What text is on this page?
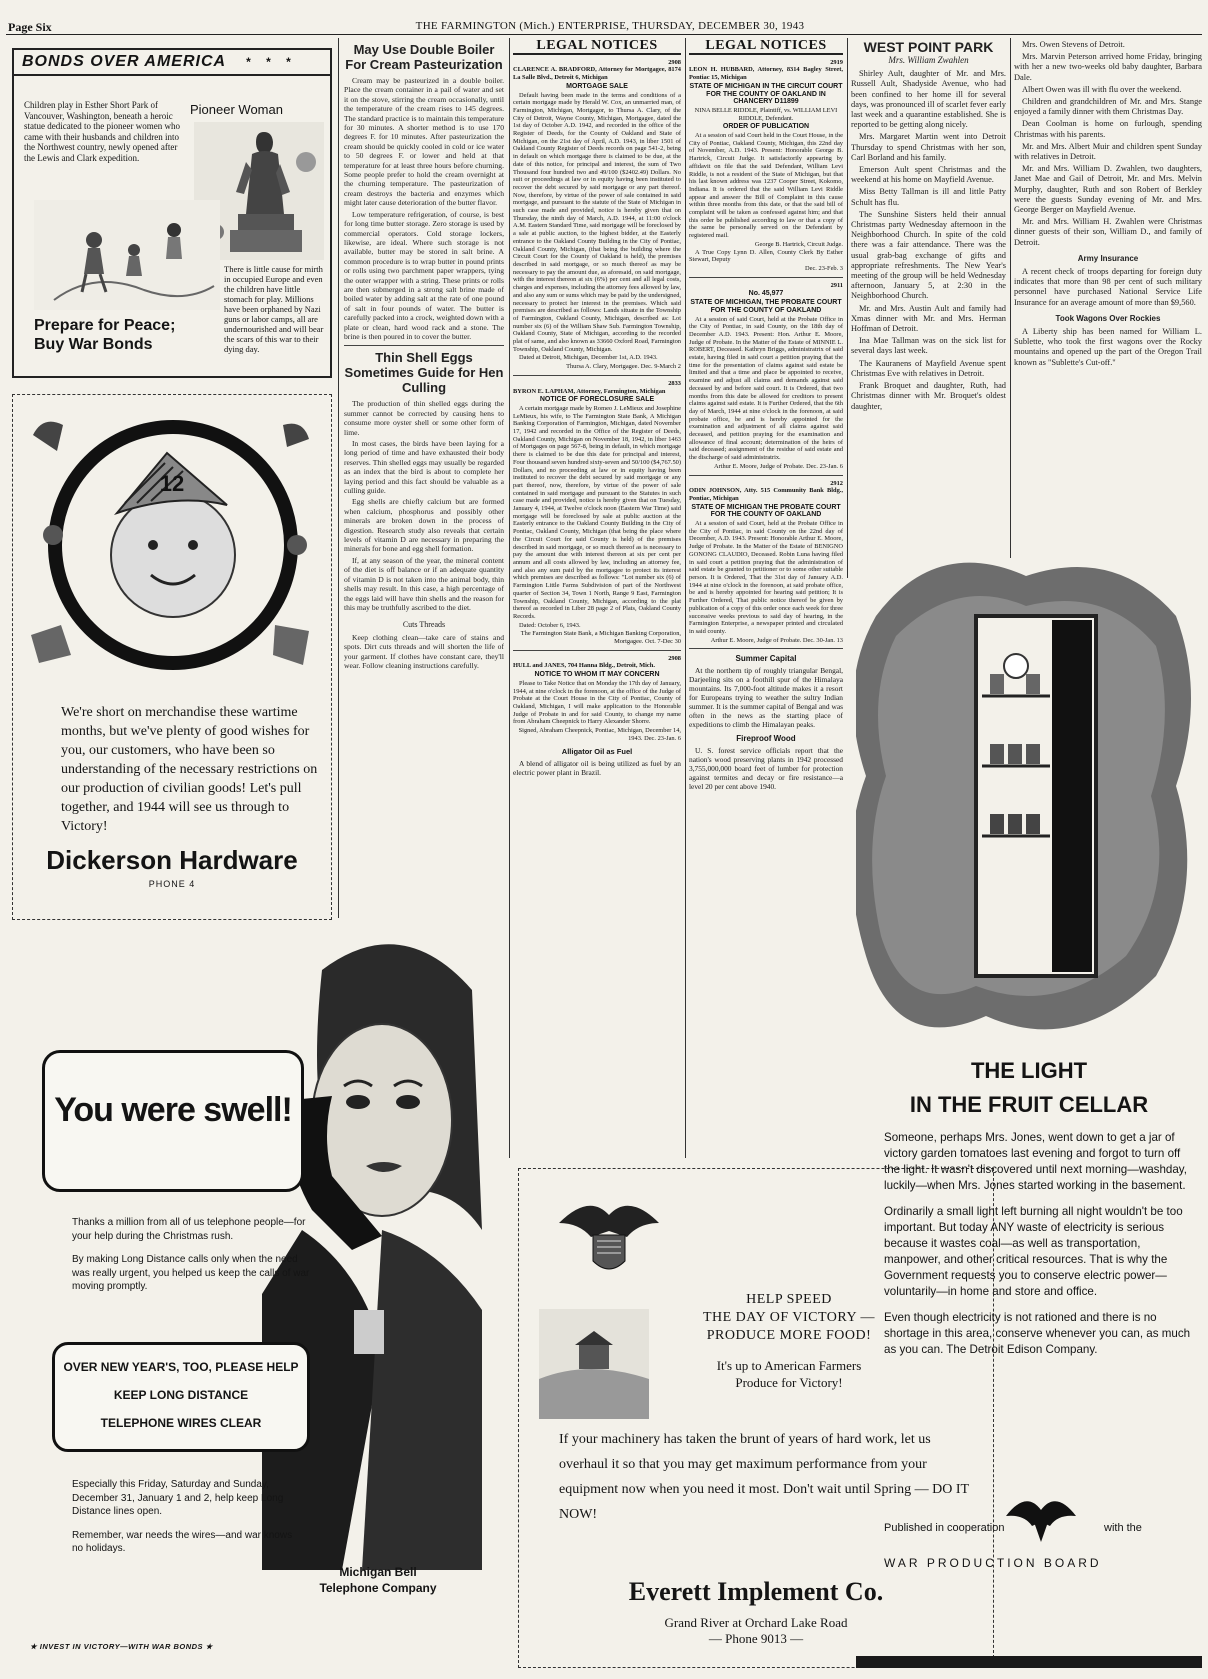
Page Six	THE FARMINGTON (Mich.) ENTERPRISE, THURSDAY, DECEMBER 30, 1943
BONDS OVER AMERICA * * *
Children play in Esther Short Park of Vancouver, Washington, beneath a heroic statue dedicated to the pioneer women who came with their husbands and children into the Northwest country, newly opened after the Lewis and Clark expedition.
Pioneer Woman
There is little cause for mirth in occupied Europe and even the children have little stomach for play. Millions have been orphaned by Nazi guns or labor camps, all are undernourished and will bear the scars of this war to their dying day.
Prepare for Peace;
Buy War Bonds
12
We're short on merchandise these wartime months, but we've plenty of good wishes for you, our customers, who have been so understanding of the necessary restrictions on our production of civilian goods! Let's pull together, and 1944 will see us through to Victory!
Dickerson Hardware
PHONE 4
May Use Double Boiler For Cream Pasteurization

Cream may be pasteurized in a double boiler. Place the cream container in a pail of water and set it on the stove, stirring the cream occasionally, until the temperature of the cream rises to 145 degrees. The standard practice is to maintain this temperature for 30 minutes. A shorter method is to use 170 degrees F. for 10 minutes. After pasteurization the cream should be quickly cooled in cold or ice water to 50 degrees F. or lower and held at that temperature for at least three hours before churning. Some people prefer to hold the cream overnight at the churning temperature. The pasteurization of cream destroys the bacteria and enzymes which might later cause deterioration of the butter flavor.

Low temperature refrigeration, of course, is best for long time butter storage. Zero storage is used by commercial operators. Cold storage lockers, likewise, are ideal. Where such storage is not available, butter may be stored in salt brine. A common procedure is to wrap butter in pound prints or rolls using two parchment paper wrappers, tying the outer wrapper with a string. These prints or rolls are then submerged in a strong salt brine made of boiled water by adding salt at the rate of one pound of salt in four pounds of water. The butter is carefully packed into a crock, weighted down with a plate or clean, hard wood rack and a stone. The brine is then poured in to cover the butter.

Thin Shell Eggs Sometimes Guide for Hen Culling

The production of thin shelled eggs during the summer cannot be corrected by causing hens to consume more oyster shell or some other form of lime.

In most cases, the birds have been laying for a long period of time and have exhausted their body reserves. Thin shelled eggs may usually be regarded as an index that the bird is about to complete her laying period and this fact should be valuable as a culling guide.

Egg shells are chiefly calcium but are formed when calcium, phosphorus and possibly other minerals are broken down in the process of digestion. Research study also reveals that certain levels of vitamin D are necessary in preparing the minerals for bone and egg shell formation.

If, at any season of the year, the mineral content of the diet is off balance or if an adequate quantity of vitamin D is not taken into the animal body, thin shells may result. In this case, a high percentage of the eggs laid will have thin shells and the reason for this may be truthfully ascribed to the diet.

Cuts Threads

Keep clothing clean—take care of stains and spots. Dirt cuts threads and will shorten the life of your garment. If clothes have constant care, they'll wear. Follow cleaning instructions carefully.

LEGAL NOTICES
2908

CLARENCE A. BRADFORD, Attorney for Mortgagee, 8174 La Salle Blvd., Detroit 6, Michigan

MORTGAGE SALE

Default having been made in the terms and conditions of a certain mortgage made by Herald W. Cox, an unmarried man, of Farmington, Michigan, Mortgagor, to Thursa A. Clary, of the City of Detroit, Wayne County, Michigan, Mortgagee, dated the 1st day of October A.D. 1942, and recorded in the office of the Register of Deeds, for the County of Oakland and State of Michigan, on the 21st day of April, A.D. 1943, in liber 1501 of Oakland County Register of Deeds records on page 541-2, being in default on which mortgage there is claimed to be due, at the date of this notice, for principal and interest, the sum of Two Thousand four hundred two and 49/100 ($2402.49) Dollars. No suit or proceedings at law or in equity having been instituted to recover the debt secured by said mortgage or any part thereof. Now, therefore, by virtue of the power of sale contained in said mortgage, and pursuant to the statute of the State of Michigan in such case made and provided, notice is hereby given that on Thursday, the ninth day of March, A.D. 1944, at 11:00 o'clock A.M. Eastern Standard Time, said mortgage will be foreclosed by a sale at public auction, to the highest bidder, at the Easterly entrance to the Oakland County Building in the City of Pontiac, Oakland County, Michigan, (that being the building where the Circuit Court for the County of Oakland is held), the premises described in said mortgage, or so much thereof as may be necessary to pay the amount due, as aforesaid, on said mortgage, with the interest thereon at six (6%) per cent and all legal costs, charges and expenses, including the attorney fees allowed by law, and also any sum or sums which may be paid by the undersigned, necessary to protect her interest in the premises. Which said premises are described as follows: Lands situate in the Township of Farmington, Oakland County, Michigan, described as: Lot number six (6) of the William Shaw Sub. Farmington Township, Oakland County, State of Michigan, according to the recorded plat of same, and also known as 33660 Oxford Road, Farmington Township, Oakland County, Michigan.

Dated at Detroit, Michigan, December 1st, A.D. 1943.

Thursa A. Clary, Mortgagee. Dec. 9-March 2
2833

BYRON E. LAPHAM, Attorney, Farmington, Michigan

NOTICE OF FORECLOSURE SALE

A certain mortgage made by Romeo J. LeMieux and Josephine LeMieux, his wife, to The Farmington State Bank, A Michigan Banking Corporation of Farmington, Michigan, dated November 17, 1942 and recorded in the Office of the Register of Deeds, Oakland County, Michigan on November 18, 1942, in liber 1463 of Mortgages on page 567-8, being in default, in which mortgage there is claimed to be due this date for principal and interest, Four thousand seven hundred sixty-seven and 50/100 ($4,767.50) Dollars, and no proceeding at law or in equity having been instituted to recover the debt secured by said mortgage or any part thereof, now, therefore, by virtue of the power of sale contained in said mortgage and pursuant to the Statutes in such case made and provided, notice is hereby given that on Tuesday, January 4, 1944, at Twelve o'clock noon (Eastern War Time) said mortgage will be foreclosed by sale at public auction at the Easterly entrance to the Oakland County Building in the City of Pontiac, Oakland County, Michigan (that being the place where the Circuit Court for said County is held) of the premises described in said mortgage, or so much thereof as is necessary to pay the amount due with interest thereon at six per cent per annum and all costs allowed by law, including an attorney fee, and also any sum paid by the mortgagee to protect its interest which premises are described as follows: "Lot number six (6) of Farmington Little Farms Subdivision of part of the Northwest quarter of Section 34, Town 1 North, Range 9 East, Farmington Township, Oakland County, Michigan, according to the plat thereof as recorded in Liber 28 page 2 of Plats, Oakland County Records.

Dated: October 6, 1943.

The Farmington State Bank, a Michigan Banking Corporation, Mortgagee. Oct. 7-Dec 30
2908

HULL and JANES, 704 Hanna Bldg., Detroit, Mich.

NOTICE TO WHOM IT MAY CONCERN

Please to Take Notice that on Monday the 17th day of January, 1944, at nine o'clock in the forenoon, at the office of the Judge of Probate at the Court House in the City of Pontiac, County of Oakland, Michigan, I will make application to the Honorable Judge of Probate in and for said County, to change my name from Abraham Cheepnick to Harry Alexander Shorre.

Signed, Abraham Cheepnick, Pontiac, Michigan, December 14, 1943. Dec. 23-Jan. 6
Alligator Oil as Fuel

A blend of alligator oil is being utilized as fuel by an electric power plant in Brazil.

LEGAL NOTICES
2919

LEON H. HUBBARD, Attorney, 8314 Bagley Street, Pontiac 15, Michigan

STATE OF MICHIGAN IN THE CIRCUIT COURT FOR THE COUNTY OF OAKLAND IN CHANCERY D11899

NINA BELLE RIDDLE, Plaintiff, vs. WILLIAM LEVI RIDDLE, Defendant.

ORDER OF PUBLICATION

At a session of said Court held in the Court House, in the City of Pontiac, Oakland County, Michigan, this 22nd day of November, A.D. 1943. Present: Honorable George B. Hartrick, Circuit Judge. It satisfactorily appearing by affidavit on file that the said Defendant, William Levi Riddle, is not a resident of the State of Michigan, but that his last known address was 1237 Cooper Street, Kokomo, Indiana. It is ordered that the said William Levi Riddle appear and answer the Bill of Complaint in this cause within three months from this date, or that the said bill of complaint will be taken as confessed against him; and that this order be published according to law or that a copy of the same be personally served on the Defendant by registered mail.

George B. Hartrick, Circuit Judge.

A True Copy Lynn D. Allen, County Clerk By Esther Stewart, Deputy

Dec. 23-Feb. 3
2911
No. 45,977
STATE OF MICHIGAN, THE PROBATE COURT FOR THE COUNTY OF OAKLAND

At a session of said Court, held at the Probate Office in the City of Pontiac, in said County, on the 18th day of December A.D. 1943. Present: Hon. Arthur E. Moore, Judge of Probate. In the Matter of the Estate of MINNIE L. ROBERT, Deceased. Kathryn Briggs, administratrix of said estate, having filed in said court a petition praying that the time for the presentation of claims against said estate be limited and that a time and place be appointed to receive, examine and adjust all claims and demands against said deceased by and before said court. It is Ordered, that two months from this date be allowed for creditors to present claims against said estate. It is Further Ordered, that the 6th day of March, 1944 at nine o'clock in the forenoon, at said probate office, be and is hereby appointed for the examination and adjustment of all claims against said deceased, and petition praying for the examination and allowance of final account; determination of the heirs of said deceased; assignment of the residue of said estate and the discharge of said administratrix.

Arthur E. Moore, Judge of Probate. Dec. 23-Jan. 6
2912

ODIN JOHNSON, Atty. 515 Community Bank Bldg., Pontiac, Michigan

STATE OF MICHIGAN THE PROBATE COURT FOR THE COUNTY OF OAKLAND

At a session of said Court, held at the Probate Office in the City of Pontiac, in said County on the 22nd day of December, A.D. 1943. Present: Honorable Arthur E. Moore, Judge of Probate. In the Matter of the Estate of BENIGNO GONONG CLAUDIO, Deceased. Robin Luna having filed in said court a petition praying that the administration of said estate be granted to petitioner or to some other suitable person. It is Ordered, That the 31st day of January A.D. 1944 at nine o'clock in the forenoon, at said probate office, be and is hereby appointed for hearing said petition; It is Further Ordered, That public notice thereof be given by publication of a copy of this order once each week for three successive weeks previous to said day of hearing, in the Farmington Enterprise, a newspaper printed and circulated in said county.

Arthur E. Moore, Judge of Probate. Dec. 30-Jan. 13
Summer Capital

At the northern tip of roughly triangular Bengal, Darjeeling sits on a foothill spur of the Himalaya mountains. Its 7,000-foot altitude makes it a resort for Europeans trying to weather the sultry Indian summer. It is the summer capital of Bengal and was often in the news as the starting place of expeditions to climb the Himalayan peaks.

Fireproof Wood

U. S. forest service officials report that the nation's wood preserving plants in 1942 processed 3,755,000,000 board feet of lumber for protection against termites and decay or fire resistance—a level 20 per cent above 1940.

WEST POINT PARK
Mrs. William Zwahlen

Shirley Ault, daughter of Mr. and Mrs. Russell Ault, Shadyside Avenue, who had been confined to her home ill for several days, was pronounced ill of scarlet fever early last week and a quarantine established. She is reported to be getting along nicely.

Mrs. Margaret Martin went into Detroit Thursday to spend Christmas with her son, Carl Borland and his family.

Emerson Ault spent Christmas and the weekend at his home on Mayfield Avenue.

Miss Betty Tallman is ill and little Patty Schult has flu.

The Sunshine Sisters held their annual Christmas party Wednesday afternoon in the Neighborhood Church. In spite of the cold there was a fair attendance. There was the usual grab-bag exchange of gifts and appropriate refreshments. The New Year's meeting of the group will be held Wednesday afternoon, January 5, at 2:30 in the Neighborhood Church.

Mr. and Mrs. Austin Ault and family had Xmas dinner with Mr. and Mrs. Herman Hoffman of Detroit.

Ina Mae Tallman was on the sick list for several days last week.

The Kauranens of Mayfield Avenue spent Christmas Eve with relatives in Detroit.

Frank Broquet and daughter, Ruth, had Christmas dinner with Mr. Broquet's oldest daughter,

Mrs. Owen Stevens of Detroit.

Mrs. Marvin Peterson arrived home Friday, bringing with her a new two-weeks old baby daughter, Barbara Dale.

Albert Owen was ill with flu over the weekend.

Children and grandchildren of Mr. and Mrs. Stange enjoyed a family dinner with them Christmas Day.

Dean Coolman is home on furlough, spending Christmas with his parents.

Mr. and Mrs. Albert Muir and children spent Sunday with relatives in Detroit.

Mr. and Mrs. William D. Zwahlen, two daughters, Janet Mae and Gail of Detroit, Mr. and Mrs. Melvin Murphy, daughter, Ruth and son Robert of Berkley were the guests Sunday evening of Mr. and Mrs. George Berger on Mayfield Avenue.

Mr. and Mrs. William H. Zwahlen were Christmas dinner guests of their son, William D., and family of Detroit.

Army Insurance

A recent check of troops departing for foreign duty indicates that more than 98 per cent of such military personnel have purchased National Service Life Insurance for an average amount of more than $9,560.

Took Wagons Over Rockies

A Liberty ship has been named for William L. Sublette, who took the first wagons over the Rocky mountains and opened up the part of the Oregon Trail known as "Sublette's Cut-off."

You were swell!
Thanks a million from all of us telephone people—for your help during the Christmas rush.
By making Long Distance calls only when the need was really urgent, you helped us keep the calls of war moving promptly.
OVER NEW YEAR'S, TOO, PLEASE HELP
KEEP LONG DISTANCE
TELEPHONE WIRES CLEAR
Especially this Friday, Saturday and Sunday, December 31, January 1 and 2, help keep Long Distance lines open.
Remember, war needs the wires—and war knows no holidays.
Michigan Bell
Telephone Company
★ INVEST IN VICTORY—WITH WAR BONDS ★
HELP SPEED
THE DAY OF VICTORY —
PRODUCE MORE FOOD!
It's up to American Farmers
Produce for Victory!
If your machinery has taken the brunt of years of hard work, let us overhaul it so that you may get maximum performance from your equipment now when you need it most. Don't wait until Spring — DO IT NOW!
Everett Implement Co.
Grand River at Orchard Lake Road
— Phone 9013 —
THE LIGHT
IN THE FRUIT CELLAR

Someone, perhaps Mrs. Jones, went down to get a jar of victory garden tomatoes last evening and forgot to turn off the light. It wasn't discovered until next morning—washday, luckily—when Mrs. Jones started working in the basement.

Ordinarily a small light left burning all night wouldn't be too important. But today ANY waste of electricity is serious because it wastes coal—as well as transportation, manpower, and other critical resources. That is why the Government requests you to conserve electric power—voluntarily—in home and store and office.

Even though electricity is not rationed and there is no shortage in this area, conserve whenever you can, as much as you can. The Detroit Edison Company.

Published in cooperation	with the
WAR PRODUCTION BOARD
